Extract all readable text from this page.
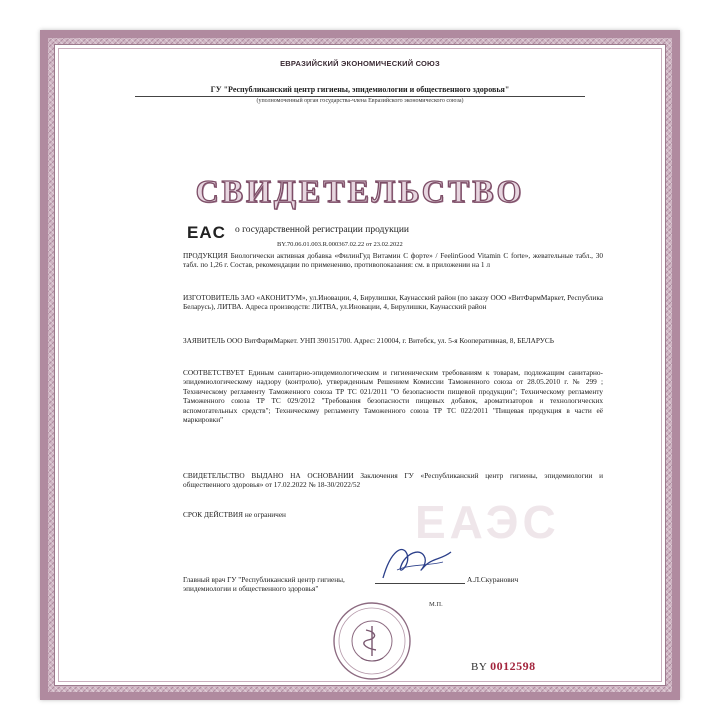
ЕВРАЗИЙСКИЙ ЭКОНОМИЧЕСКИЙ СОЮЗ
ГУ "Республиканский центр гигиены, эпидемиологии и общественного здоровья"
(уполномоченный орган государства-члена Евразийского экономического союза)
СВИДЕТЕЛЬСТВО
EAC о государственной регистрации продукции
BY.70.06.01.003.R.000367.02.22 от 23.02.2022
ПРОДУКЦИЯ Биологически активная добавка «ФилинГуд Витамин С форте» / FeelinGood Vitamin C forte», жевательные табл., 30 табл. по 1,26 г. Состав, рекомендации по применению, противопоказания: см. в приложении на 1 л
ИЗГОТОВИТЕЛЬ ЗАО «АКОНИТУМ», ул.Иновации, 4, Бирулишки, Каунасский район (по заказу ООО «ВитФармМаркет, Республика Беларусь), ЛИТВА. Адреса производств: ЛИТВА, ул.Иновации, 4, Бирулишки, Каунасский район
ЗАЯВИТЕЛЬ ООО ВитФармМаркет. УНП 390151700. Адрес: 210004, г. Витебск, ул. 5-я Кооперативная, 8, БЕЛАРУСЬ
СООТВЕТСТВУЕТ Единым санитарно-эпидемиологическим и гигиеническим требованиям к товарам, подлежащим санитарно-эпидемиологическому надзору (контролю), утвержденным Решением Комиссии Таможенного союза от 28.05.2010 г. № 299 ; Техническому регламенту Таможенного союза ТР ТС 021/2011 "О безопасности пищевой продукции"; Техническому регламенту Таможенного союза ТР ТС 029/2012 "Требования безопасности пищевых добавок, ароматизаторов и технологических вспомогательных средств"; Техническому регламенту Таможенного союза ТР ТС 022/2011 "Пищевая продукция в части её маркировки"
СВИДЕТЕЛЬСТВО ВЫДАНО НА ОСНОВАНИИ Заключения ГУ «Республиканский центр гигиены, эпидемиологии и общественного здоровья» от 17.02.2022 № 18-30/2022/52
ЕАЭС
СРОК ДЕЙСТВИЯ не ограничен
Главный врач ГУ "Республиканский центр гигиены, эпидемиологии и общественного здоровья"
А.Л.Скуранович
М.П.
BY 0012598
